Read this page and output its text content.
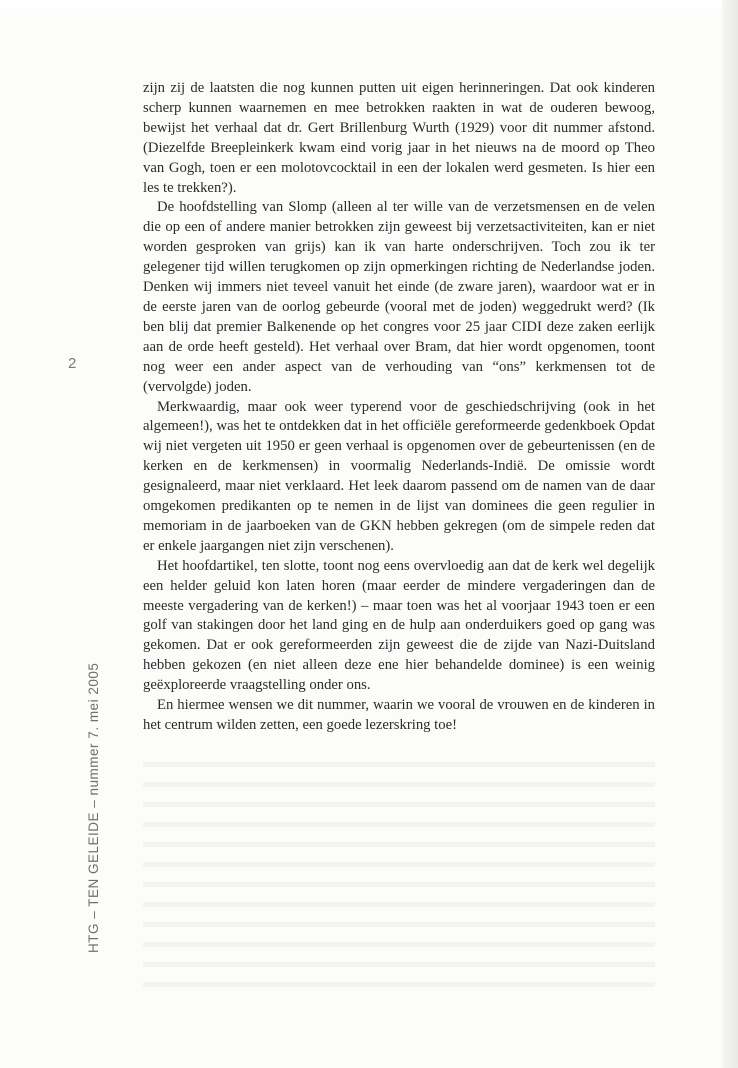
2
HTG – TEN GELEIDE – nummer 7. mei 2005

zijn zij de laatsten die nog kunnen putten uit eigen herinneringen. Dat ook kinderen scherp kunnen waarnemen en mee betrokken raakten in wat de ouderen bewoog, bewijst het verhaal dat dr. Gert Brillenburg Wurth (1929) voor dit nummer afstond. (Diezelfde Breepleinkerk kwam eind vorig jaar in het nieuws na de moord op Theo van Gogh, toen er een molotovcocktail in een der lokalen werd gesmeten. Is hier een les te trekken?).

De hoofdstelling van Slomp (alleen al ter wille van de verzetsmensen en de velen die op een of andere manier betrokken zijn geweest bij verzetsactiviteiten, kan er niet worden gesproken van grijs) kan ik van harte onderschrijven. Toch zou ik ter gelegener tijd willen terugkomen op zijn opmerkingen richting de Nederlandse joden. Denken wij immers niet teveel vanuit het einde (de zware jaren), waardoor wat er in de eerste jaren van de oorlog gebeurde (vooral met de joden) weggedrukt werd? (Ik ben blij dat premier Balkenende op het congres voor 25 jaar CIDI deze zaken eerlijk aan de orde heeft gesteld). Het verhaal over Bram, dat hier wordt opgenomen, toont nog weer een ander aspect van de verhouding van “ons” kerkmensen tot de (vervolgde) joden.

Merkwaardig, maar ook weer typerend voor de geschiedschrijving (ook in het algemeen!), was het te ontdekken dat in het officiële gereformeerde gedenkboek Opdat wij niet vergeten uit 1950 er geen verhaal is opgenomen over de gebeurtenissen (en de kerken en de kerkmensen) in voormalig Nederlands-Indië. De omissie wordt gesignaleerd, maar niet verklaard. Het leek daarom passend om de namen van de daar omgekomen predikanten op te nemen in de lijst van dominees die geen regulier in memoriam in de jaarboeken van de GKN hebben gekregen (om de simpele reden dat er enkele jaargangen niet zijn verschenen).

Het hoofdartikel, ten slotte, toont nog eens overvloedig aan dat de kerk wel degelijk een helder geluid kon laten horen (maar eerder de mindere vergaderingen dan de meeste vergadering van de kerken!) – maar toen was het al voorjaar 1943 toen er een golf van stakingen door het land ging en de hulp aan onderduikers goed op gang was gekomen. Dat er ook gereformeerden zijn geweest die de zijde van Nazi-Duitsland hebben gekozen (en niet alleen deze ene hier behandelde dominee) is een weinig geëxploreerde vraagstelling onder ons.

En hiermee wensen we dit nummer, waarin we vooral de vrouwen en de kinderen in het centrum wilden zetten, een goede lezerskring toe!
